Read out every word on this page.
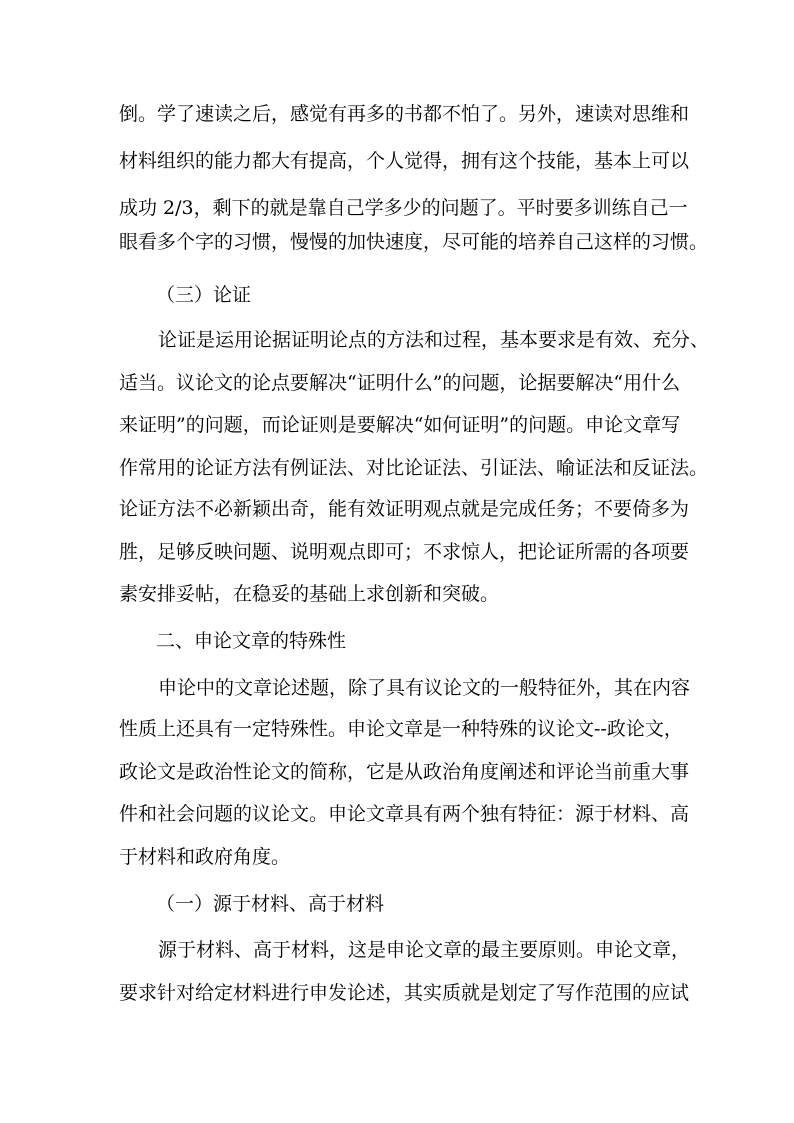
倒。学了速读之后，感觉有再多的书都不怕了。另外，速读对思维和
材料组织的能力都大有提高，个人觉得，拥有这个技能，基本上可以
成功 2/3，剩下的就是靠自己学多少的问题了。平时要多训练自己一
眼看多个字的习惯，慢慢的加快速度，尽可能的培养自己这样的习惯。
（三）论证
论证是运用论据证明论点的方法和过程，基本要求是有效、充分、
适当。议论文的论点要解决“证明什么”的问题，论据要解决“用什么
来证明”的问题，而论证则是要解决“如何证明”的问题。申论文章写
作常用的论证方法有例证法、对比论证法、引证法、喻证法和反证法。
论证方法不必新颖出奇，能有效证明观点就是完成任务；不要倚多为
胜，足够反映问题、说明观点即可；不求惊人，把论证所需的各项要
素安排妥帖，在稳妥的基础上求创新和突破。
二、申论文章的特殊性
申论中的文章论述题，除了具有议论文的一般特征外，其在内容
性质上还具有一定特殊性。申论文章是一种特殊的议论文--政论文，
政论文是政治性论文的简称，它是从政治角度阐述和评论当前重大事
件和社会问题的议论文。申论文章具有两个独有特征：源于材料、高
于材料和政府角度。
（一）源于材料、高于材料
源于材料、高于材料，这是申论文章的最主要原则。申论文章，
要求针对给定材料进行申发论述，其实质就是划定了写作范围的应试
